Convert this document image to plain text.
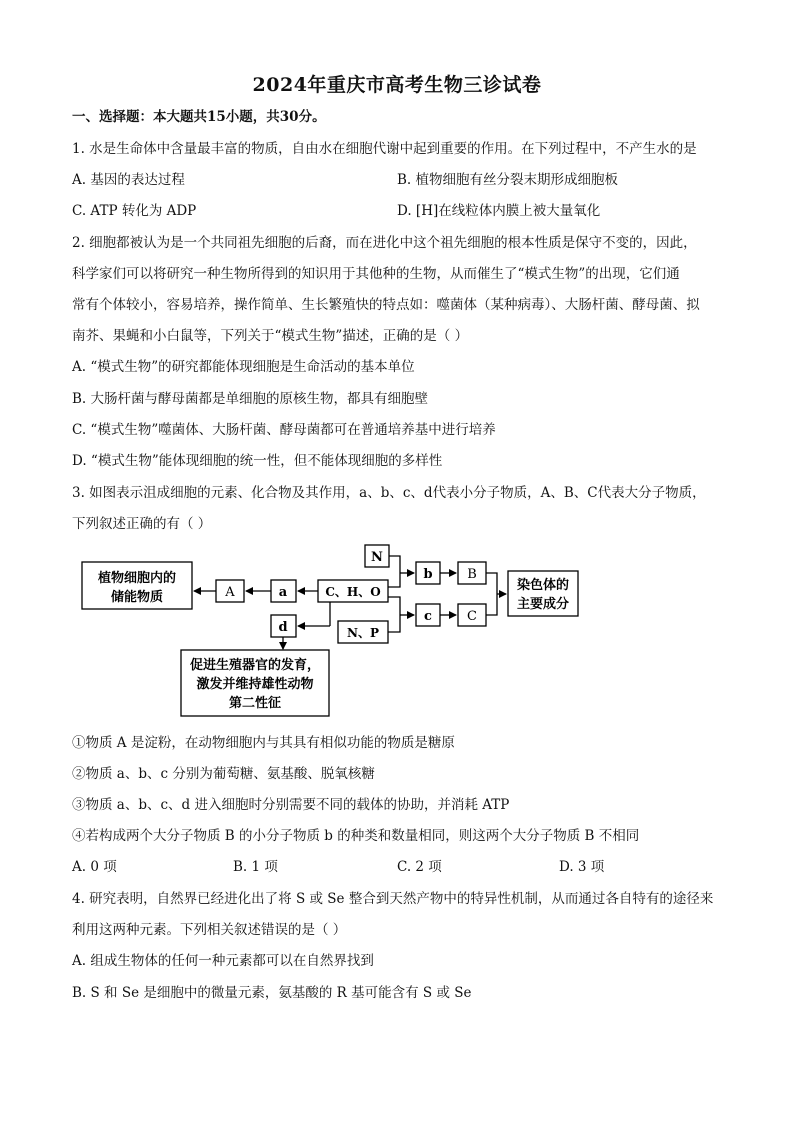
2024年重庆市高考生物三诊试卷
一、选择题：本大题共15小题，共30分。
1. 水是生命体中含量最丰富的物质，自由水在细胞代谢中起到重要的作用。在下列过程中，不产生水的是
A. 基因的表达过程	B. 植物细胞有丝分裂末期形成细胞板
C. ATP 转化为 ADP	D. [H]在线粒体内膜上被大量氧化
2. 细胞都被认为是一个共同祖先细胞的后裔，而在进化中这个祖先细胞的根本性质是保守不变的，因此，
科学家们可以将研究一种生物所得到的知识用于其他种的生物，从而催生了“模式生物”的出现，它们通
常有个体较小，容易培养，操作简单、生长繁殖快的特点如：噬菌体（某种病毒）、大肠杆菌、酵母菌、拟
南芥、果蝇和小白鼠等，下列关于“模式生物”描述，正确的是（ ）
A. “模式生物”的研究都能体现细胞是生命活动的基本单位
B. 大肠杆菌与酵母菌都是单细胞的原核生物，都具有细胞壁
C. “模式生物”噬菌体、大肠杆菌、酵母菌都可在普通培养基中进行培养
D. “模式生物”能体现细胞的统一性，但不能体现细胞的多样性
3. 如图表示沮成细胞的元素、化合物及其作用，a、b、c、d代表小分子物质，A、B、C代表大分子物质，
下列叙述正确的有（ ）
植物细胞内的
储能物质	A	a	C、H、O
N
N、P
b	B
c	C
d
染色体的
主要成分
促进生殖器官的发育，
激发并维持雄性动物
第二性征
①物质 A 是淀粉，在动物细胞内与其具有相似功能的物质是糖原
②物质 a、b、c 分别为葡萄糖、氨基酸、脱氧核糖
③物质 a、b、c、d 进入细胞时分别需要不同的载体的协助，并消耗 ATP
④若构成两个大分子物质 B 的小分子物质 b 的种类和数量相同，则这两个大分子物质 B 不相同
A. 0 项	B. 1 项	C. 2 项	D. 3 项
4. 研究表明，自然界已经进化出了将 S 或 Se 整合到天然产物中的特异性机制，从而通过各自特有的途径来
利用这两种元素。下列相关叙述错误的是（ ）
A. 组成生物体的任何一种元素都可以在自然界找到
B. S 和 Se 是细胞中的微量元素，氨基酸的 R 基可能含有 S 或 Se
